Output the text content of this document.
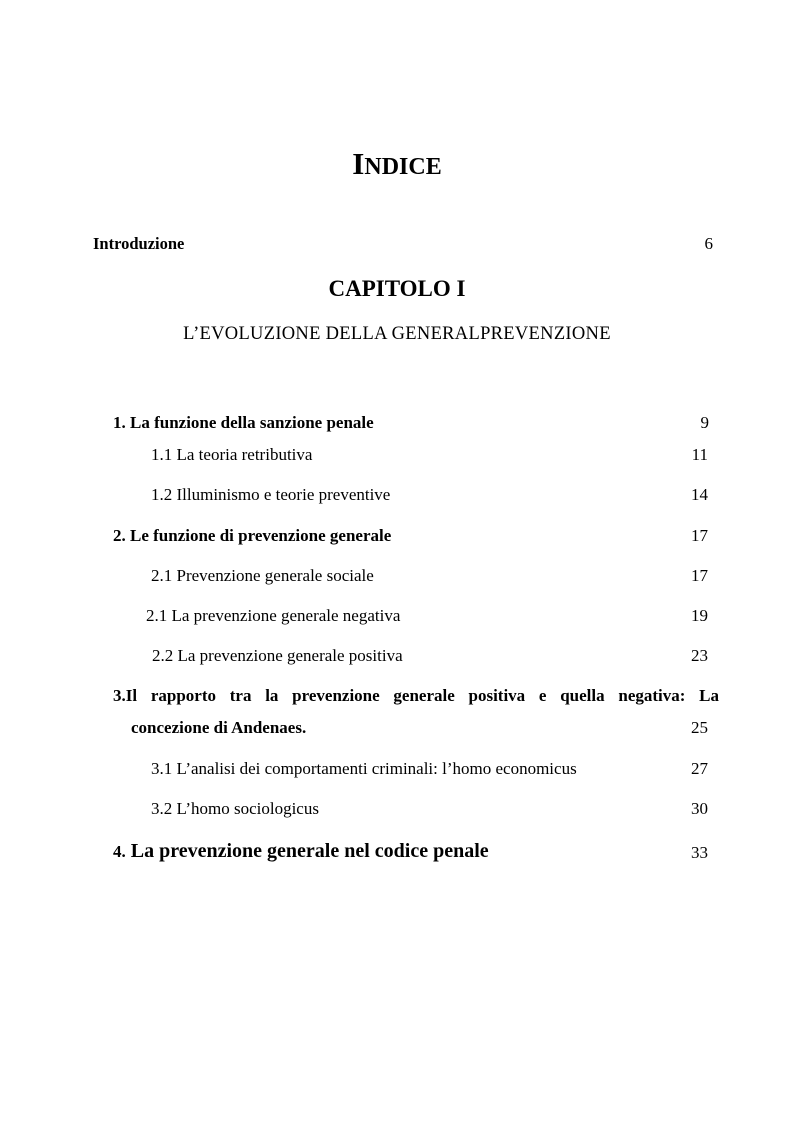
INDICE
Introduzione	6
CAPITOLO I
L’EVOLUZIONE DELLA GENERALPREVENZIONE
1. La funzione della sanzione penale	9
1.1 La teoria retributiva	11
1.2 Illuminismo e teorie preventive	14
2. Le funzione di prevenzione generale	17
2.1 Prevenzione generale sociale	17
2.1 La prevenzione generale negativa	19
2.2 La prevenzione generale positiva	23
3.Il rapporto tra la prevenzione generale positiva e quella negativa: La
concezione di Andenaes.	25
3.1 L’analisi dei comportamenti criminali: l’homo economicus	27
3.2 L’homo sociologicus	30
4. La prevenzione generale nel codice penale	33
